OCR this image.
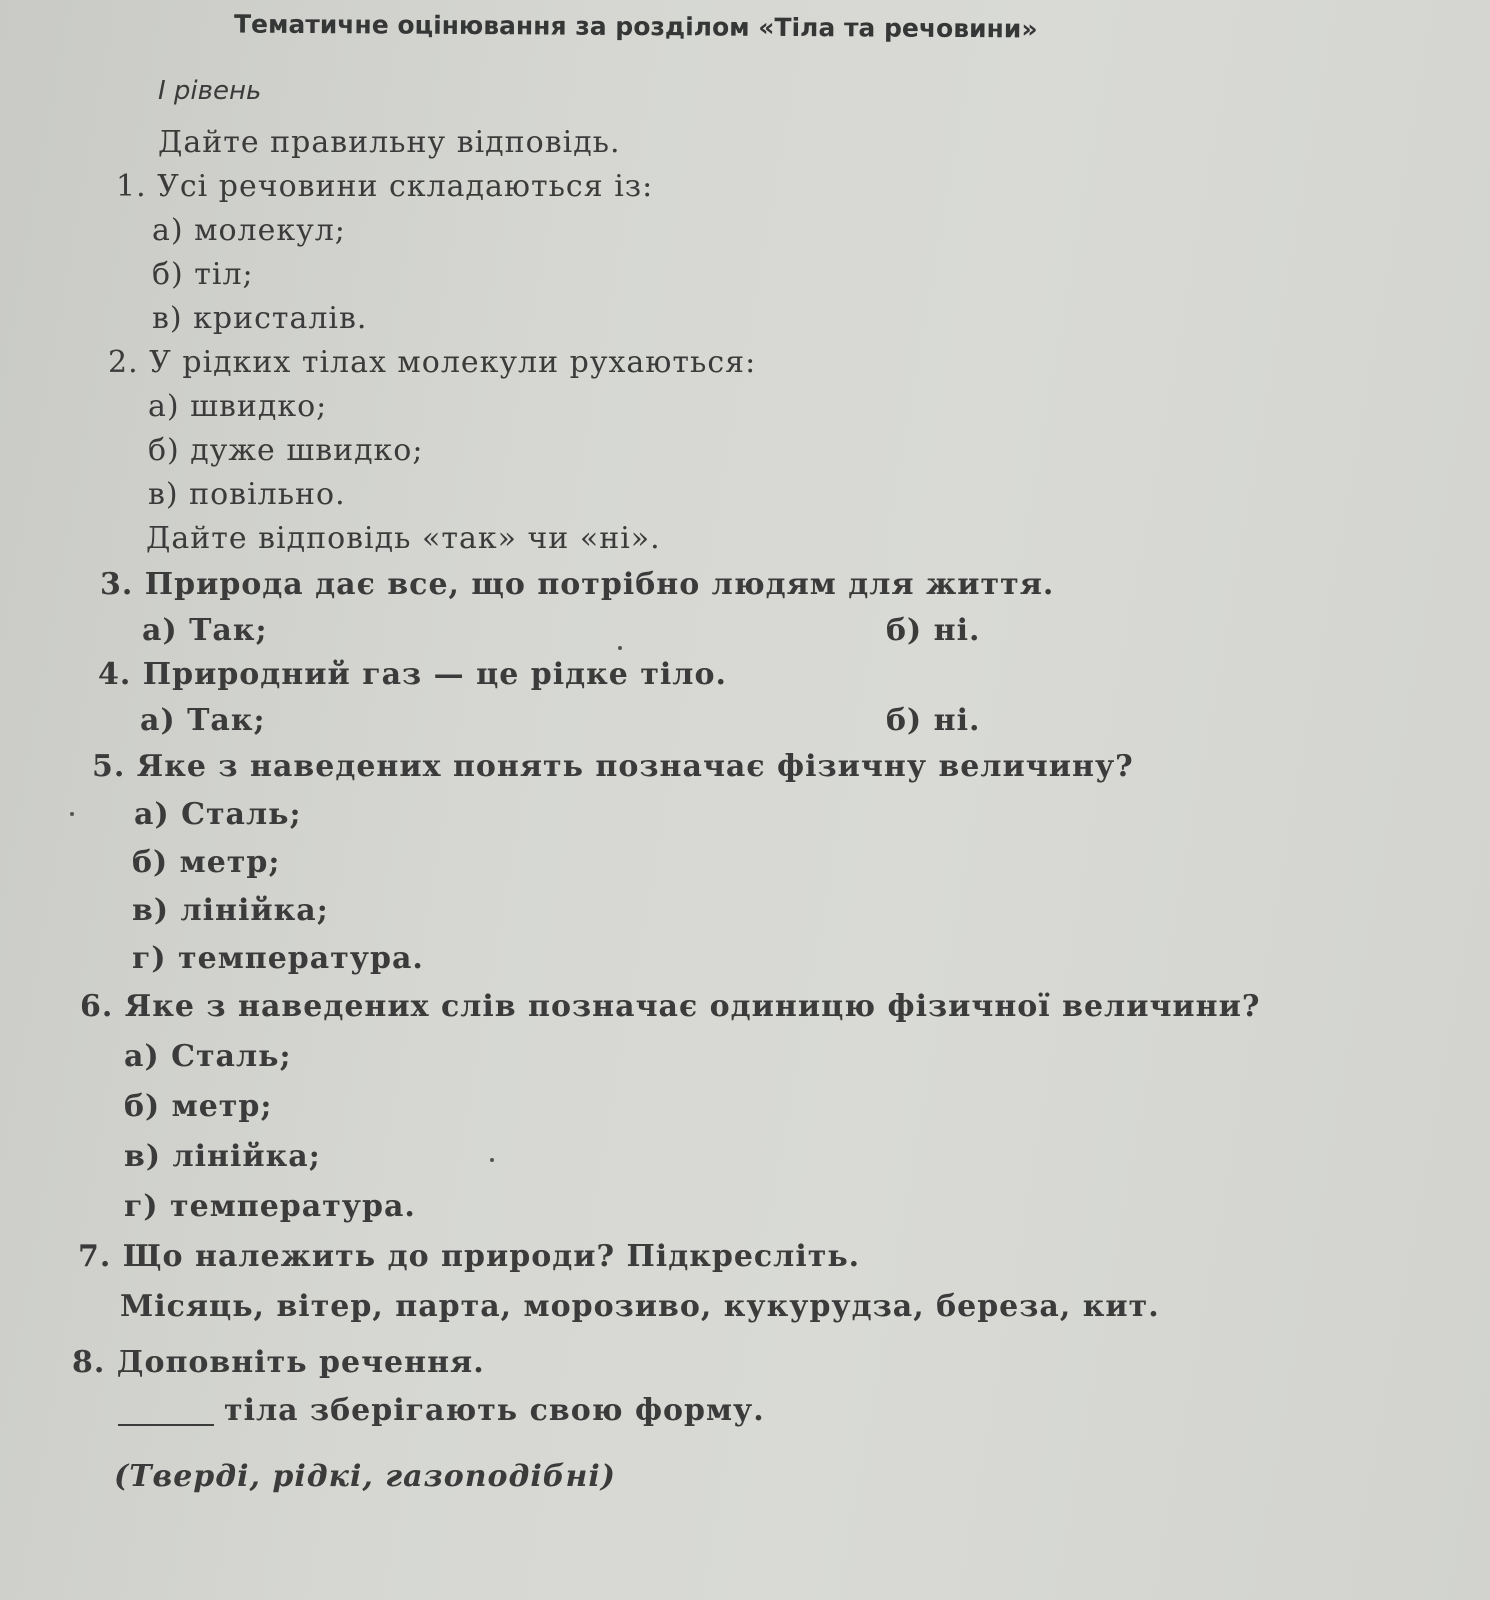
Тематичне оцінювання за розділом «Тіла та речовини»
І рівень
Дайте правильну відповідь.
1. Усі речовини складаються із:
а) молекул;
б) тіл;
в) кристалів.
2. У рідких тілах молекули рухаються:
а) швидко;
б) дуже швидко;
в) повільно.
Дайте відповідь «так» чи «ні».
3. Природа дає все, що потрібно людям для життя.
а) Так;	б) ні.
4. Природний газ — це рідке тіло.
а) Так;	б) ні.
5. Яке з наведених понять позначає фізичну величину?
а) Сталь;
б) метр;
в) лінійка;
г) температура.
6. Яке з наведених слів позначає одиницю фізичної величини?
а) Сталь;
б) метр;
в) лінійка;
г) температура.
7. Що належить до природи? Підкресліть.
Місяць, вітер, парта, морозиво, кукурудза, береза, кит.
8. Доповніть речення.
тіла зберігають свою форму.
(Тверді, рідкі, газоподібні)
